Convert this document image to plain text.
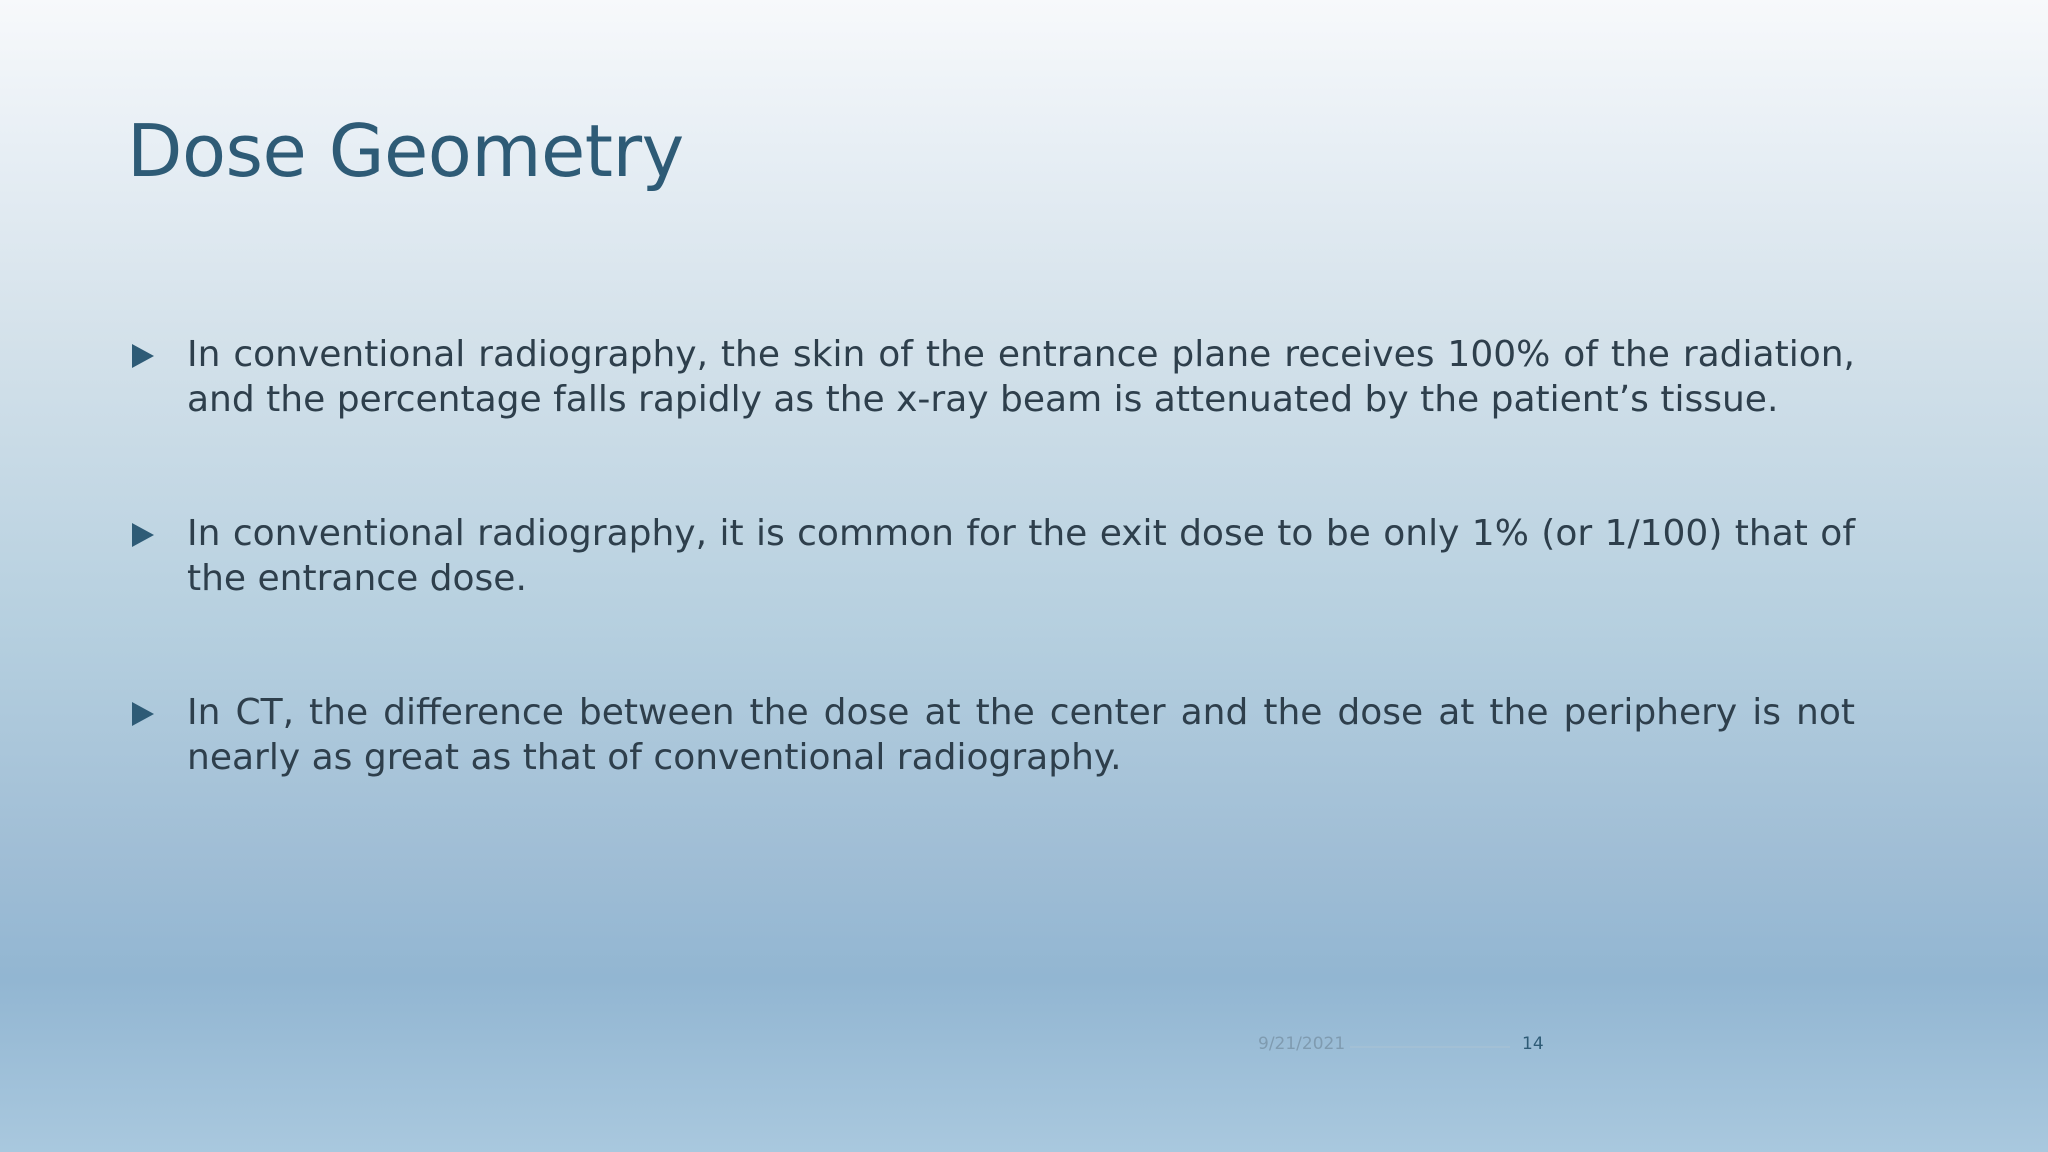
Dose Geometry
In conventional radiography, the skin of the entrance plane receives 100% of the radiation, and the percentage falls rapidly as the x-ray beam is attenuated by the patient’s tissue.
In conventional radiography, it is common for the exit dose to be only 1% (or 1/100) that of the entrance dose.
In CT, the difference between the dose at the center and the dose at the periphery is not nearly as great as that of conventional radiography.
9/21/2021	14
